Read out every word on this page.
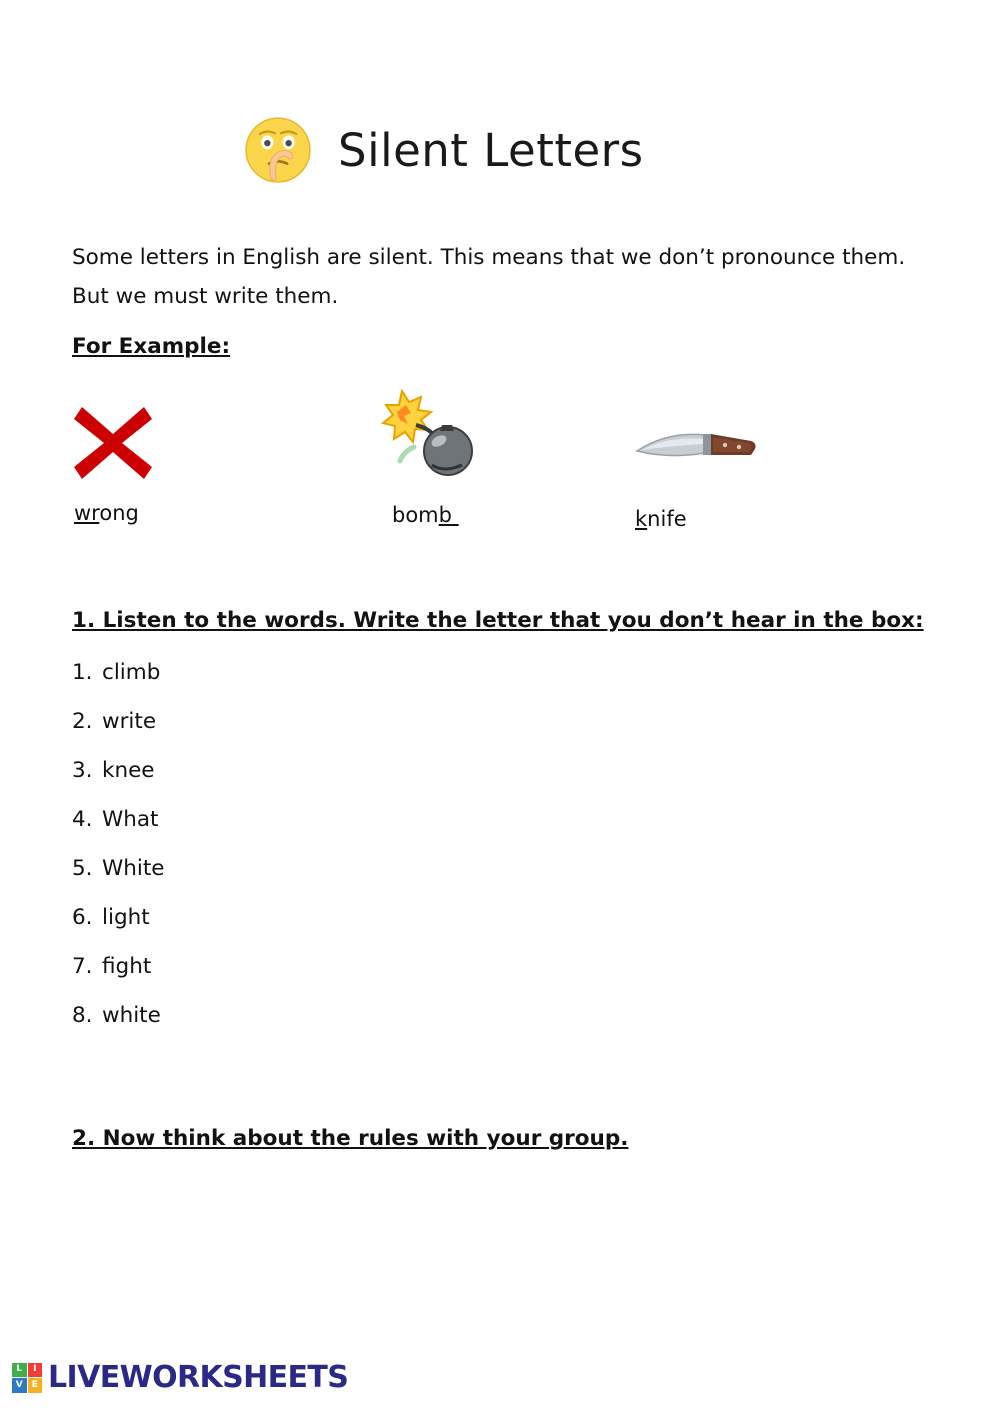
Silent Letters
Some letters in English are silent. This means that we don’t pronounce them. But we must write them.
For Example:
wrong	bomb	knife
1. Listen to the words. Write the letter that you don’t hear in the box:
1. climb
2. write
3. knee
4. What
5. White
6. light
7. fight
8. white
2. Now think about the rules with your group.
L	I
V E LIVEWORKSHEETS
